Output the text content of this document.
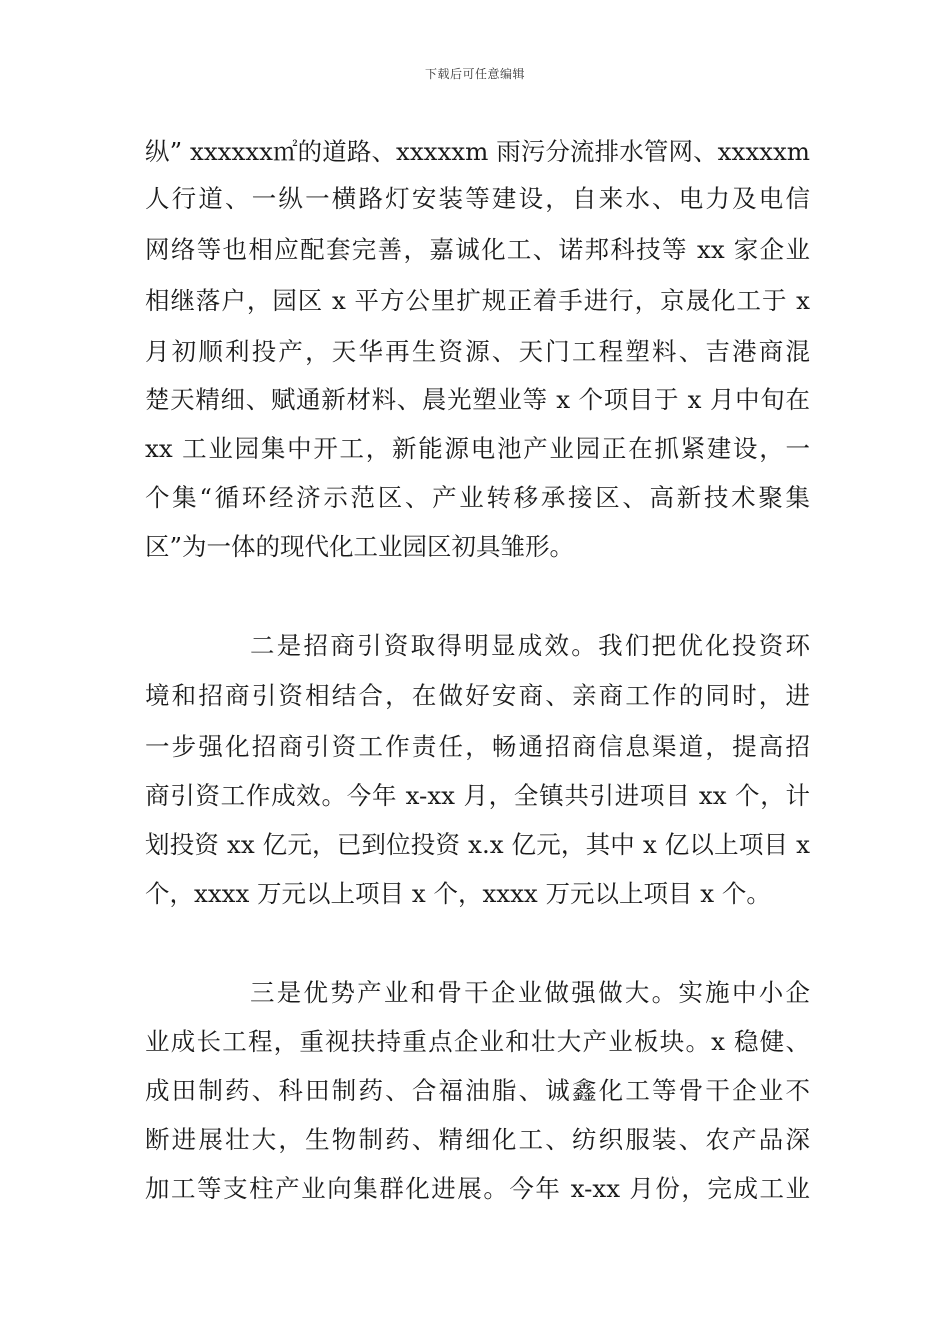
下载后可任意编辑
纵” xxxxxx㎡的道路、xxxxxm 雨污分流排水管网、xxxxxm
人行道、一纵一横路灯安装等建设，自来水、电力及电信
网络等也相应配套完善，嘉诚化工、诺邦科技等 xx 家企业
相继落户，园区 x 平方公里扩规正着手进行，京晟化工于 x
月初顺利投产，天华再生资源、天门工程塑料、吉港商混
楚天精细、赋通新材料、晨光塑业等 x 个项目于 x 月中旬在
xx 工业园集中开工，新能源电池产业园正在抓紧建设，一
个集“循环经济示范区、产业转移承接区、高新技术聚集
区”为一体的现代化工业园区初具雏形。
二是招商引资取得明显成效。我们把优化投资环
境和招商引资相结合，在做好安商、亲商工作的同时，进
一步强化招商引资工作责任，畅通招商信息渠道，提高招
商引资工作成效。今年 x-xx 月，全镇共引进项目 xx 个，计
划投资 xx 亿元，已到位投资 x.x 亿元，其中 x 亿以上项目 x
个，xxxx 万元以上项目 x 个，xxxx 万元以上项目 x 个。
三是优势产业和骨干企业做强做大。实施中小企
业成长工程，重视扶持重点企业和壮大产业板块。x 稳健、
成田制药、科田制药、合福油脂、诚鑫化工等骨干企业不
断进展壮大，生物制药、精细化工、纺织服装、农产品深
加工等支柱产业向集群化进展。今年 x-xx 月份，完成工业
